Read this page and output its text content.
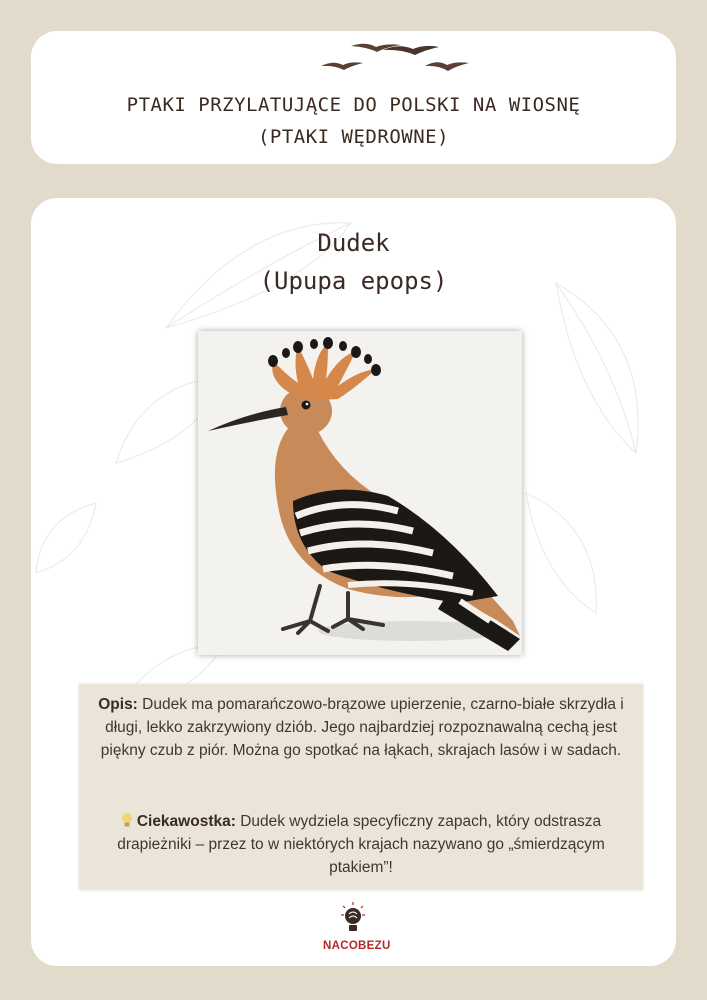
PTAKI PRZYLATUJĄCE DO POLSKI NA WIOSNĘ
(PTAKI WĘDROWNE)
Dudek
(Upupa epops)
Opis: Dudek ma pomarańczowo-brązowe upierzenie, czarno-białe skrzydła i długi, lekko zakrzywiony dziób. Jego najbardziej rozpoznawalną cechą jest piękny czub z piór. Można go spotkać na łąkach, skrajach lasów i w sadach.
Ciekawostka: Dudek wydziela specyficzny zapach, który odstrasza drapieżniki – przez to w niektórych krajach nazywano go „śmierdzącym ptakiem”!
NACOBEZU
